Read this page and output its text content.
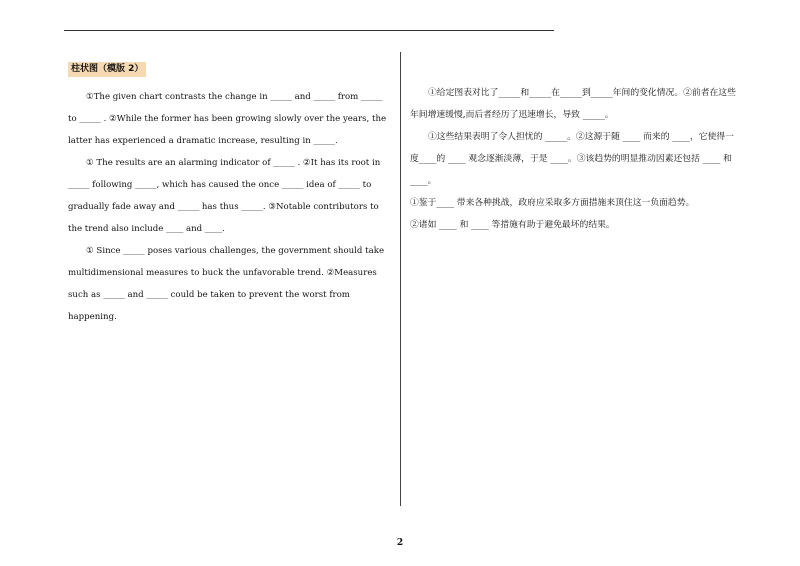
柱状图（模版 2）

①The given chart contrasts the change in _____ and _____ from _____ to _____ . ②While the former has been growing slowly over the years, the latter has experienced a dramatic increase, resulting in _____.

① The results are an alarming indicator of _____ . ②It has its root in _____ following _____, which has caused the once _____ idea of _____ to gradually fade away and _____ has thus _____. ③Notable contributors to the trend also include ____ and ____.

① Since _____ poses various challenges, the government should take multidimensional measures to buck the unfavorable trend. ②Measures such as _____ and _____ could be taken to prevent the worst from happening.

①给定图表对比了_____和_____在_____到_____年间的变化情况。②前者在这些年间增速缓慢,而后者经历了迅速增长，导致 _____。

①这些结果表明了令人担忧的 _____。②这源于随 ____ 而来的 ____，它使得一度____的 ____ 观念逐渐淡薄，于是 ____。③该趋势的明显推动因素还包括 ____ 和 ____。

①鉴于____ 带来各种挑战，政府应采取多方面措施来顶住这一负面趋势。

②诸如 ____ 和 ____ 等措施有助于避免最坏的结果。

2
